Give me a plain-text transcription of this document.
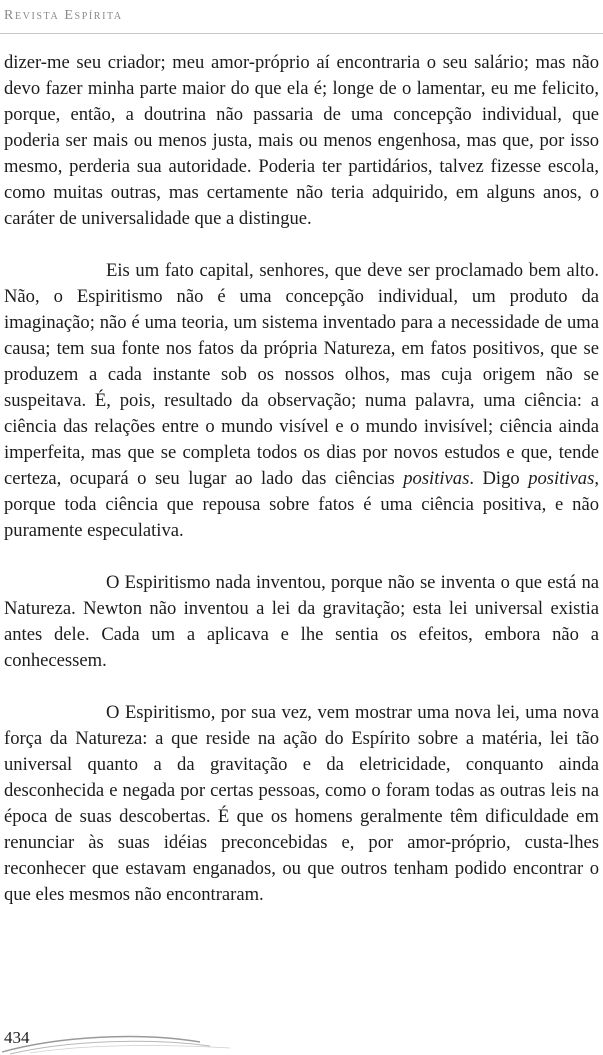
Revista Espírita

dizer-me seu criador; meu amor-próprio aí encontraria o seu salário; mas não devo fazer minha parte maior do que ela é; longe de o lamentar, eu me felicito, porque, então, a doutrina não passaria de uma concepção individual, que poderia ser mais ou menos justa, mais ou menos engenhosa, mas que, por isso mesmo, perderia sua autoridade. Poderia ter partidários, talvez fizesse escola, como muitas outras, mas certamente não teria adquirido, em alguns anos, o caráter de universalidade que a distingue.

Eis um fato capital, senhores, que deve ser proclamado bem alto. Não, o Espiritismo não é uma concepção individual, um produto da imaginação; não é uma teoria, um sistema inventado para a necessidade de uma causa; tem sua fonte nos fatos da própria Natureza, em fatos positivos, que se produzem a cada instante sob os nossos olhos, mas cuja origem não se suspeitava. É, pois, resultado da observação; numa palavra, uma ciência: a ciência das relações entre o mundo visível e o mundo invisível; ciência ainda imperfeita, mas que se completa todos os dias por novos estudos e que, tende certeza, ocupará o seu lugar ao lado das ciências positivas. Digo positivas, porque toda ciência que repousa sobre fatos é uma ciência positiva, e não puramente especulativa.

O Espiritismo nada inventou, porque não se inventa o que está na Natureza. Newton não inventou a lei da gravitação; esta lei universal existia antes dele. Cada um a aplicava e lhe sentia os efeitos, embora não a conhecessem.

O Espiritismo, por sua vez, vem mostrar uma nova lei, uma nova força da Natureza: a que reside na ação do Espírito sobre a matéria, lei tão universal quanto a da gravitação e da eletricidade, conquanto ainda desconhecida e negada por certas pessoas, como o foram todas as outras leis na época de suas descobertas. É que os homens geralmente têm dificuldade em renunciar às suas idéias preconcebidas e, por amor-próprio, custa-lhes reconhecer que estavam enganados, ou que outros tenham podido encontrar o que eles mesmos não encontraram.

434
